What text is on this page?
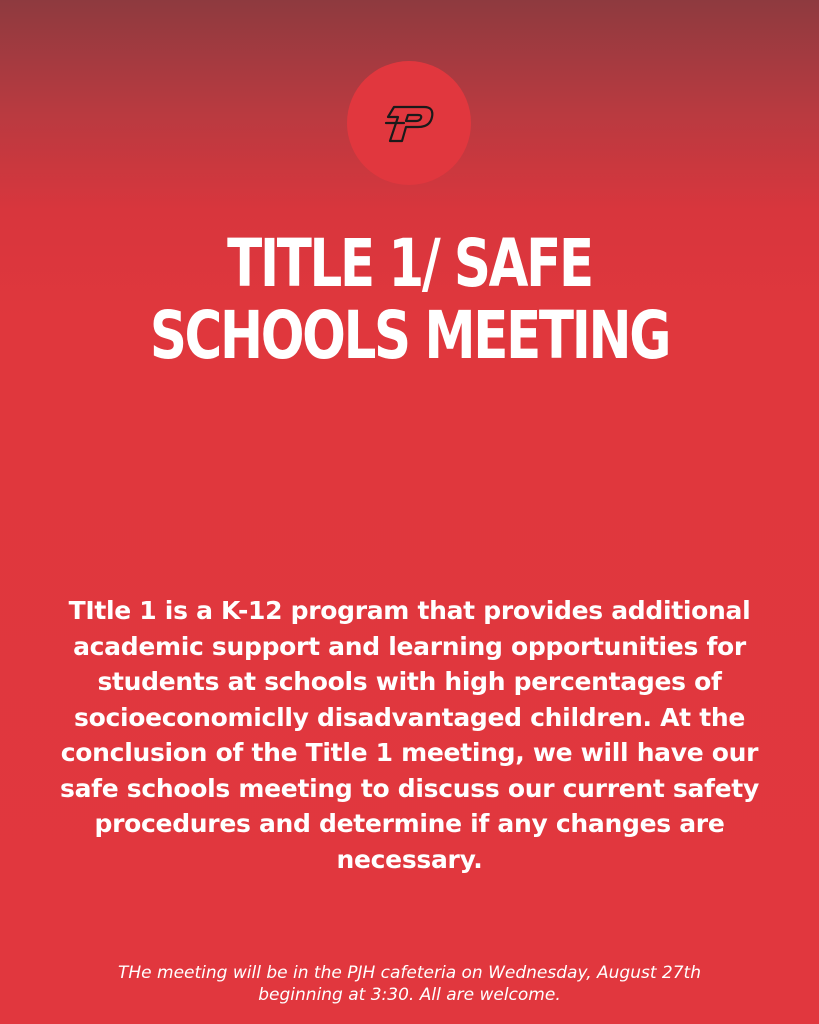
TITLE 1/ SAFE
SCHOOLS MEETING
TItle 1 is a K-12 program that provides additional academic support and learning opportunities for students at schools with high percentages of socioeconomiclly disadvantaged children. At the conclusion of the Title 1 meeting, we will have our safe schools meeting to discuss our current safety procedures and determine if any changes are necessary.
THe meeting will be in the PJH cafeteria on Wednesday, August 27th beginning at 3:30. All are welcome.
